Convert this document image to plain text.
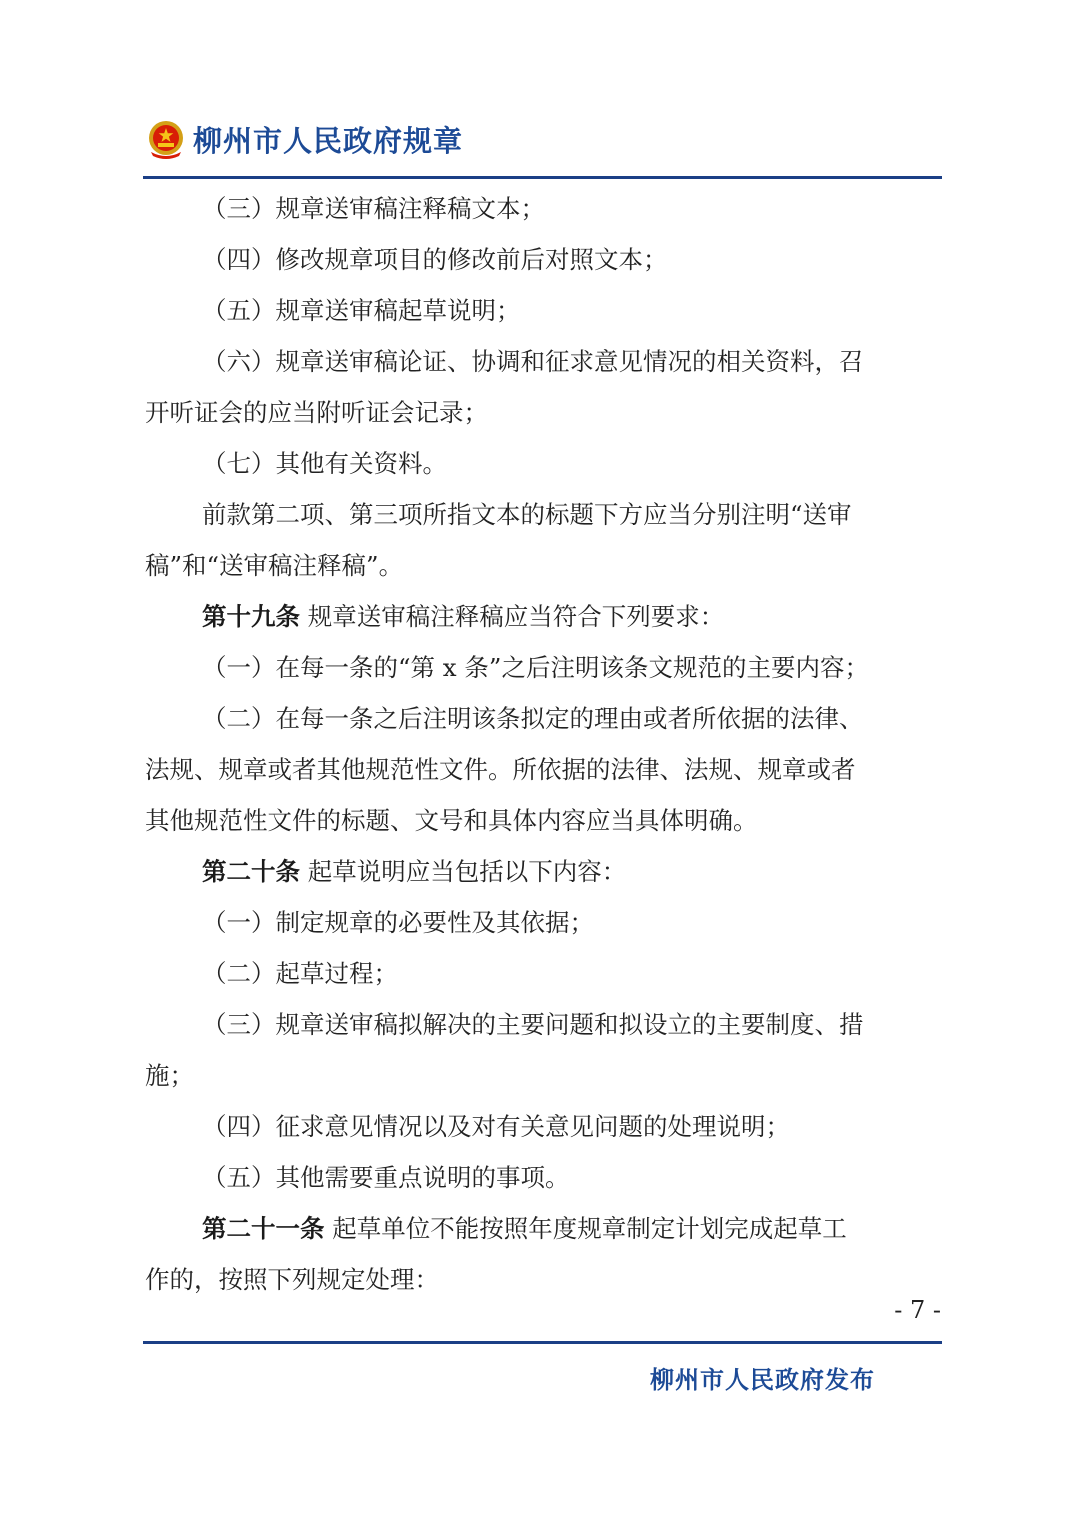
柳州市人民政府规章
（三）规章送审稿注释稿文本；
（四）修改规章项目的修改前后对照文本；
（五）规章送审稿起草说明；
（六）规章送审稿论证、协调和征求意见情况的相关资料，召
开听证会的应当附听证会记录；
（七）其他有关资料。
前款第二项、第三项所指文本的标题下方应当分别注明“送审
稿”和“送审稿注释稿”。
第十九条 规章送审稿注释稿应当符合下列要求：
（一）在每一条的“第 x 条”之后注明该条文规范的主要内容；
（二）在每一条之后注明该条拟定的理由或者所依据的法律、
法规、规章或者其他规范性文件。所依据的法律、法规、规章或者
其他规范性文件的标题、文号和具体内容应当具体明确。
第二十条 起草说明应当包括以下内容：
（一）制定规章的必要性及其依据；
（二）起草过程；
（三）规章送审稿拟解决的主要问题和拟设立的主要制度、措
施；
（四）征求意见情况以及对有关意见问题的处理说明；
（五）其他需要重点说明的事项。
第二十一条 起草单位不能按照年度规章制定计划完成起草工
作的，按照下列规定处理：
- 7 -
柳州市人民政府发布
